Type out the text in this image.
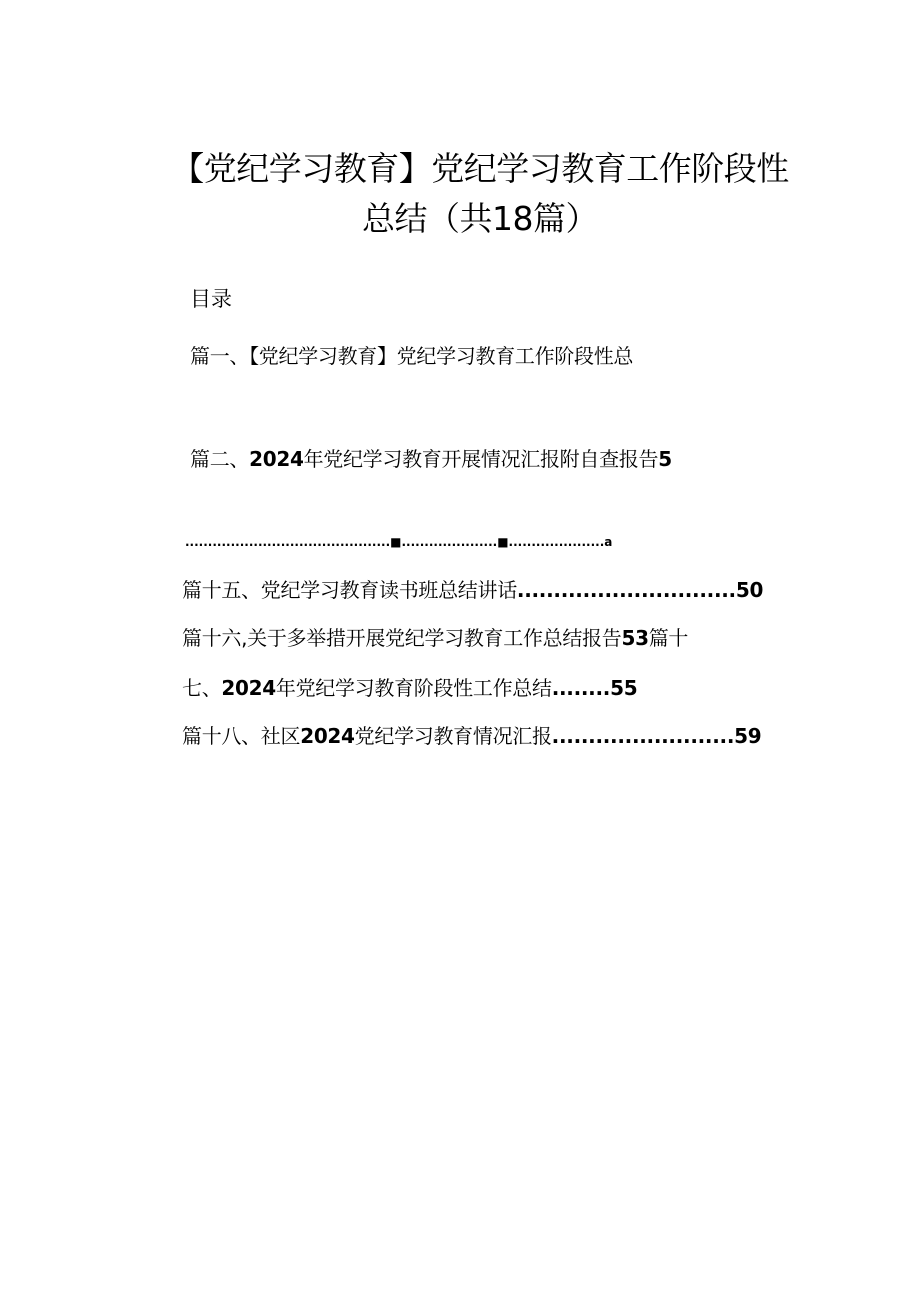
【党纪学习教育】党纪学习教育工作阶段性
总结（共18篇）
目录
篇一、【党纪学习教育】党纪学习教育工作阶段性总
篇二、2024年党纪学习教育开展情况汇报附自查报告5
.............................................■.....................■.....................a
篇十五、党纪学习教育读书班总结讲话..............................50
篇十六,关于多举措开展党纪学习教育工作总结报告53篇十
七、2024年党纪学习教育阶段性工作总结........55
篇十八、社区2024党纪学习教育情况汇报.........................59
